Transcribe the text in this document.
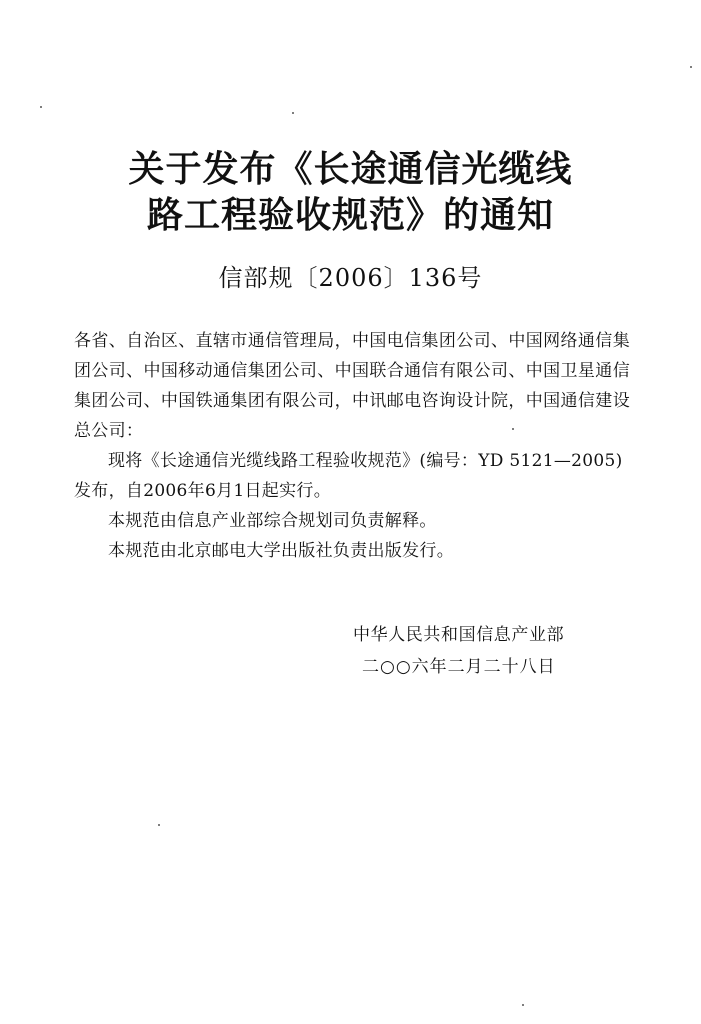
关于发布《长途通信光缆线
路工程验收规范》的通知
信部规〔2006〕136号
各省、自治区、直辖市通信管理局，中国电信集团公司、中国网络通信集团公司、中国移动通信集团公司、中国联合通信有限公司、中国卫星通信集团公司、中国铁通集团有限公司，中讯邮电咨询设计院，中国通信建设总公司：
现将《长途通信光缆线路工程验收规范》(编号：YD 5121—2005)发布，自2006年6月1日起实行。
本规范由信息产业部综合规划司负责解释。
本规范由北京邮电大学出版社负责出版发行。
中华人民共和国信息产业部
二○○六年二月二十八日
